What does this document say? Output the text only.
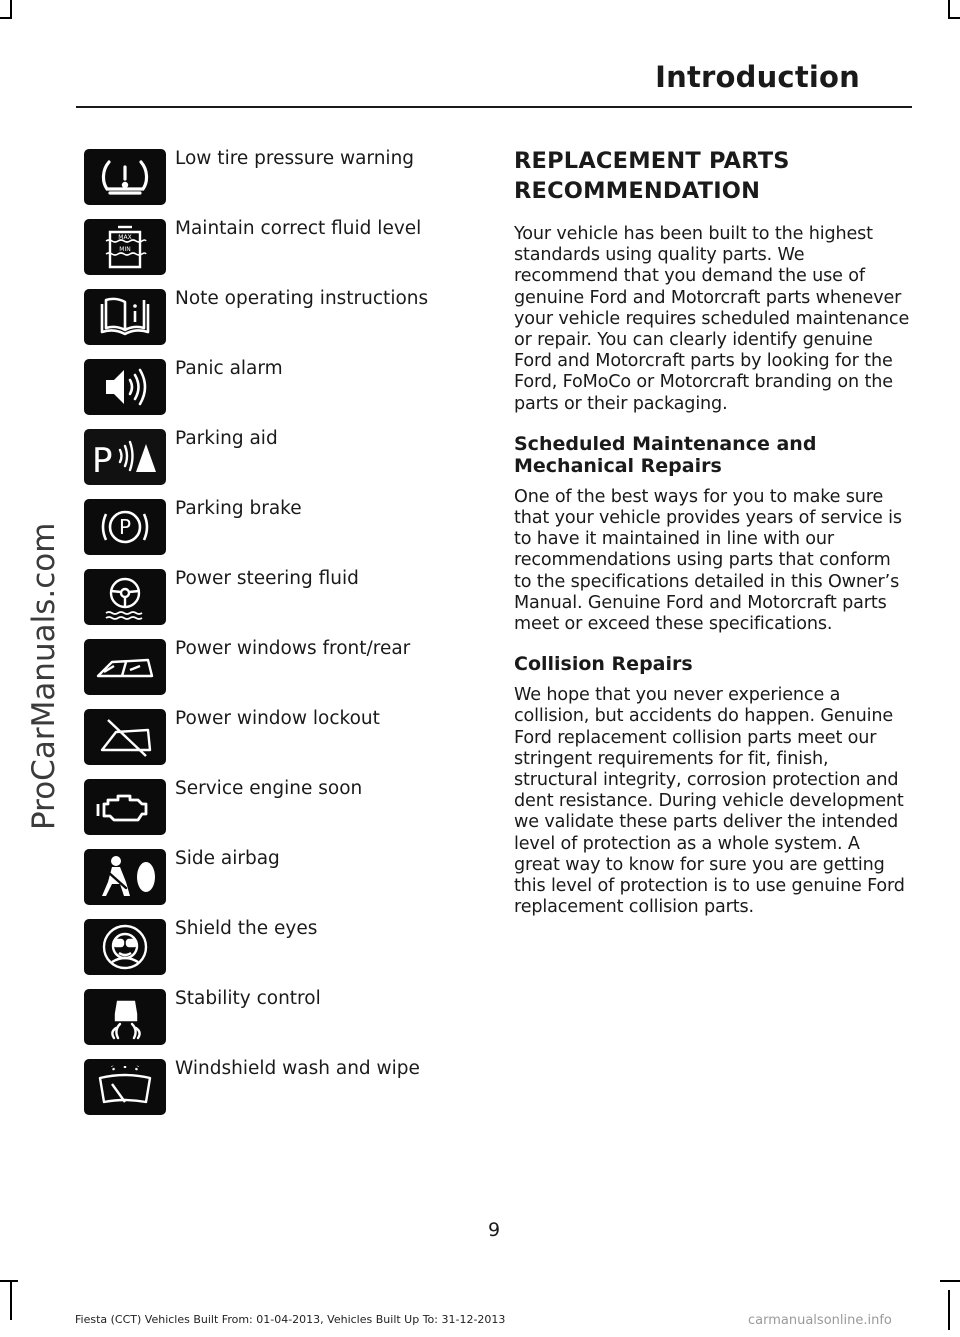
Introduction
ProCarManuals.com
Low tire pressure warning
MAX
MIN
Maintain correct fluid level
Note operating instructions
Panic alarm
P
Parking aid
P
Parking brake
Power steering fluid
Power windows front/rear
Power window lockout
Service engine soon
Side airbag
Shield the eyes
Stability control
Windshield wash and wipe
REPLACEMENT PARTS
RECOMMENDATION

Your vehicle has been built to the highest standards using quality parts. We recommend that you demand the use of genuine Ford and Motorcraft parts whenever your vehicle requires scheduled maintenance or repair. You can clearly identify genuine Ford and Motorcraft parts by looking for the Ford, FoMoCo or Motorcraft branding on the parts or their packaging.

Scheduled Maintenance and Mechanical Repairs

One of the best ways for you to make sure that your vehicle provides years of service is to have it maintained in line with our recommendations using parts that conform to the specifications detailed in this Owner’s Manual. Genuine Ford and Motorcraft parts meet or exceed these specifications.

Collision Repairs

We hope that you never experience a collision, but accidents do happen. Genuine Ford replacement collision parts meet our stringent requirements for fit, finish, structural integrity, corrosion protection and dent resistance. During vehicle development we validate these parts deliver the intended level of protection as a whole system. A great way to know for sure you are getting this level of protection is to use genuine Ford replacement collision parts.

9
Fiesta (CCT) Vehicles Built From: 01-04-2013, Vehicles Built Up To: 31-12-2013	carmanualsonline.info
